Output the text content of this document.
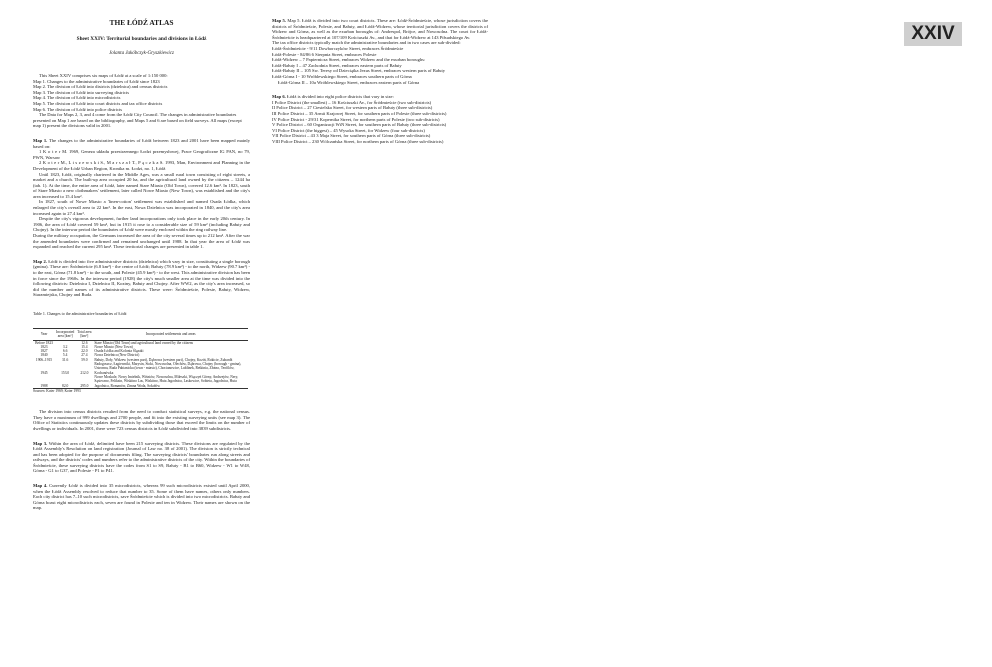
THE ŁÓDŹ ATLAS
Sheet XXIV: Territorial boundaries and divisions in Łódź
Jolanta Jakóbczyk-Gryszkiewicz

This Sheet XXIV comprises six maps of Łódź at a scale of 1:150 000:

Map 1. Changes to the administrative boundaries of Łódź since 1823

Map 2. The division of Łódź into districts (dzielnica) and census districts

Map 3. The division of Łódź into surveying districts

Map 4. The division of Łódź into microdistricts

Map 5. The division of Łódź into court districts and tax office districts

Map 6. The division of Łódź into police districts

The Data for Maps 2, 3, and 4 come from the Łódź City Council. The changes in administrative boundaries presented on Map 1 are based on the bibliography, and Maps 5 and 6 are based on field surveys. All maps (except map 1) present the divisions valid in 2001.

Map 1. The changes to the administrative boundaries of Łódź between 1823 and 2001 have been mapped mainly based on:

1 K o t e r M. 1969, Geneza układu przestrzennego Łodzi przemysłowej, Prace Geograficzne IG PAN, no 79, PWN, Warsaw

2 K o t e r M., L i s z e w s k i S., M a r s z a ł T., P ą c z k a S. 1993, Man, Environment and Planning in the Development of the Łódź Urban Region, Kronika m. Łodzi, no. 1, Łódź

Until 1823, Łódź, originally chartered in the Middle Ages, was a small rural town consisting of eight streets, a market and a church. The built-up area occupied 20 ha, and the agricultural land owned by the citizens – 1244 ha (tab. 1). At the time, the entire area of Łódź, later named Stare Miasto (Old Town), covered 12.6 km². In 1823, south of Stare Miasto a new clothmakers' settlement, later called Nowe Miasto (New Town), was established and the city's area increased to 15.4 km².

In 1827, south of Nowe Miasto a 'linen-cotton' settlement was established and named Osada Łódka, which enlarged the city's overall area to 22 km². In the east, Nowa Dzielnica was incorporated in 1840, and the city's area increased again to 27.4 km².

Despite the city's vigorous development, further land incorporations only took place in the early 20th century. In 1906, the area of Łódź covered 59 km², but in 1915 it rose to a considerable size of 59 km² (including Bałuty and Chojny). In the interwar period the boundaries of Łódź were mostly enclosed within the ring railway line.

During the military occupation, the Germans increased the area of the city several times up to 212 km². After the war the amended boundaries were confirmed and remained unchanged until 1988. In that year the area of Łódź was expanded and reached the current 295 km². These territorial changes are presented in table 1.

Map 2. Łódź is divided into five administrative districts (dzielnica) which vary in size, constituting a single borough (gmina). These are: Śródmieście (6.8 km²) - the centre of Łódź; Bałuty (78.9 km²) - to the north, Widzew (90.7 km²) - to the east, Górna (71.8 km²) - to the south, and Polesie (45.9 km²) - to the west. This administrative division has been in force since the 1960s. In the interwar period (1928) the city's much smaller area at the time was divided into the following districts: Dzielnica I, Dzielnica II, Koziny, Bałuty and Chojny. After WW2, as the city's area increased, so did the number and names of its administrative districts. These were: Śródmieście, Polesie, Bałuty, Widzew, Staramiejska, Chojny and Ruda.

Table 1. Changes to the administrative boundaries of Łódź
Year	Incorporated area [km²]	Total area [km²]	Incorporated settlements and areas
Before 1823		12.6	Stare Miasto (Old Town) and agricultural land owned by the citizens
1823	3.2	15.4	Nowe Miasto (New Town)
1827	6.6	22.0	Osada Łódka and Kolonia Ślązaki
1840	5.4	27.4	Nowa Dzielnica (New District)
1906–1915	31.6	59.0	Bałuty, Doły, Widzew (western part), Dąbrowa (western part), Chojny, Koziń, Rokicie, Zubardź
1945	153.0	212.0	Radogoszcz, Łagiewniki, Marysin, Stoki, Nowosolna, Olechów, Dąbrowa, Chojny (borough - gmina), Ustronna, Ruda Pabianicka (town - miasto), Chocianowice, Lublinek, Retkinia, Złotno, Teofilów, Kochanówka
1988	82.0	295.0	Nowe Moskule, Nowy Imielnik, Wiśniów, Nowosolna, Mileszki, Wiączyń Górny, Andrzejów, Nery, Sąsieczno, Feliksin, Wiskitno Las, Wiskitno, Huta Jagodnica, Laskowice, Sobieta, Jagodnica, Huta Jagodnica, Romanów, Zimna Woda, Sokołów
Sources: Koter 1969; Koter 1993

The division into census districts resulted from the need to conduct statistical surveys, e.g. the national census. They have a maximum of 999 dwellings and 2700 people, and fit into the existing surveying units (see map 3). The Office of Statistics continuously updates these districts by subdividing those that exceed the limits on the number of dwellings or individuals. In 2001, there were 723 census districts in Łódź subdivided into 3839 subdistricts.

Map 3. Within the area of Łódź, delimited have been 215 surveying districts. These divisions are regulated by the Łódź Assembly's Resolution on land registration (Journal of Law no. 38 of 2001). The division is strictly technical and has been adopted for the purpose of documents filing. The surveying districts' boundaries run along streets and railways, and the districts' codes and numbers refer to the administrative districts of the city. Within the boundaries of Śródmieście, these surveying districts have the codes from S1 to S9, Bałuty - B1 to B60, Widzew - W1 to W48, Górna - G1 to G37, and Polesie - P1 to P41.

Map 4. Currently Łódź is divided into 35 microdistricts, whereas 99 such microdistricts existed until April 2000, when the Łódź Assembly resolved to reduce that number to 35. Some of them have names, others only numbers. Each city district has 7–10 such microdistricts, save Śródmieście which is divided into two microdistricts. Bałuty and Górna boast eight microdistricts each, seven are found in Polesie and ten in Widzew. Their names are shown on the map.

Map 5. Map 5. Łódź is divided into two court districts. These are: Łódź-Śródmieście, whose jurisdiction covers the districts of Śródmieście, Polesie, and Bałuty, and Łódź-Widzew, whose territorial jurisdiction covers the districts of Widzew and Górna, as well as the exurban boroughs of: Andrespol, Brójce, and Nowosolna. The court for Łódź-Śródmieście is headquartered at 107/109 Kościuszki Av., and that for Łódź-Widzew at 143 Piłsudskiego Av.

The tax office districts typically match the administrative boundaries and in two cases are sub-divided:

Łódź-Śródmieście - 9/11 Dowborczyków Street, embraces Śródmieście

Łódź-Polesie - 84/86 6 Sierpnia Street, embraces Polesie

Łódź-Widzew – 7 Papiernicza Street, embraces Widzew and the exurban boroughs:

Łódź-Bałuty I – 47 Zachodnia Street, embraces eastern parts of Bałuty

Łódź-Bałuty II – 105 Sw. Teresy od Dzieciątka Jezus Street, embraces western parts of Bałuty

Łódź-Górna I - 10 Wróblewskiego Street, embraces southern parts of Górna

Łódź-Górna II – 10a Wróblewskiego Street, embraces eastern parts of Górna

Map 6. Łódź is divided into eight police districts that vary in size:

I Police District (the smallest) – 16 Kościuszki Av., for Śródmieście (two sub-districts)

II Police District – 27 Ciesielska Street, for western parts of Bałuty (three sub-districts)

III Police District – 35 Armii Krajowej Street, for southern parts of Polesie (three sub-districts)

IV Police District - 29/31 Kopernika Street, for northern parts of Polesie (two sub-districts)

V Police District – 60 Organizacji WiN Street, for southern parts of Bałuty (three sub-districts)

VI Police District (the biggest) – 45 Wysoka Street, for Widzew (four sub-districts)

VII Police District – 43 3 Maja Street, for southern parts of Górna (three sub-districts)

VIII Police District – 230 Wólczańska Street, for northern parts of Górna (three sub-districts)

XXIV
